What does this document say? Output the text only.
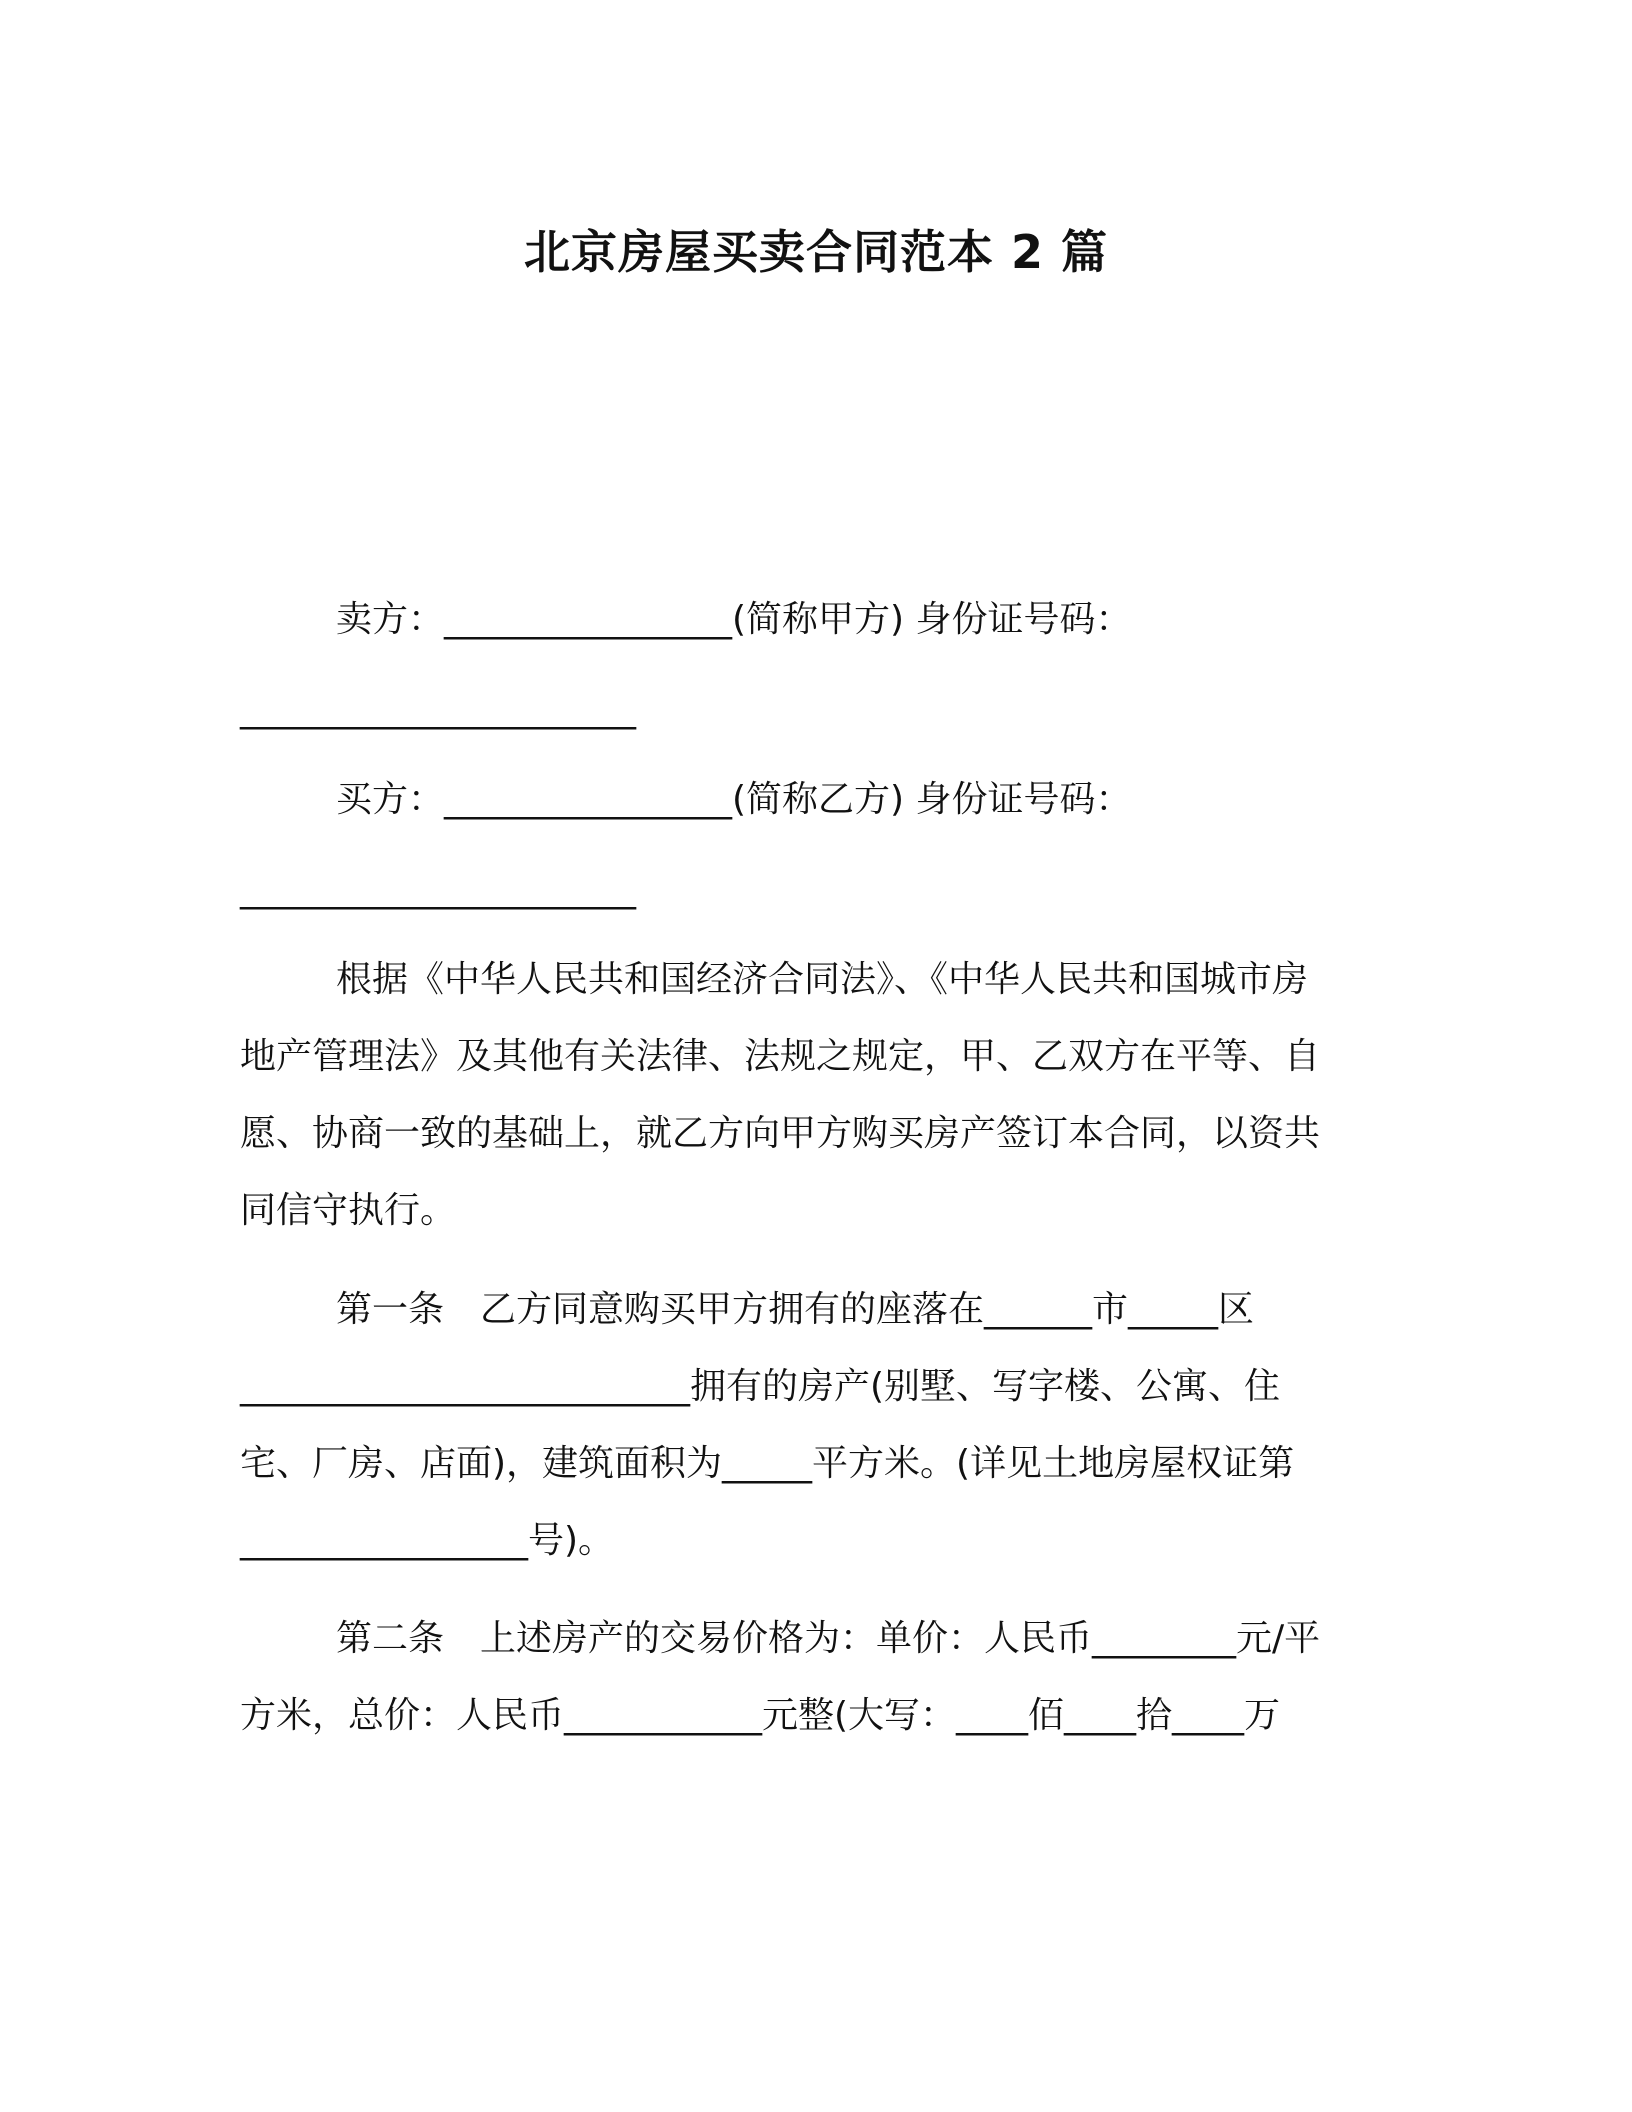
北京房屋买卖合同范本 2 篇
卖方：________________(简称甲方) 身份证号码：
______________________
买方：________________(简称乙方) 身份证号码：
______________________
根据《中华人民共和国经济合同法》、《中华人民共和国城市房
地产管理法》及其他有关法律、法规之规定，甲、乙双方在平等、自
愿、协商一致的基础上，就乙方向甲方购买房产签订本合同，以资共
同信守执行。
第一条　乙方同意购买甲方拥有的座落在______市_____区
_________________________拥有的房产(别墅、写字楼、公寓、住
宅、厂房、店面)，建筑面积为_____平方米。(详见土地房屋权证第
________________号)。
第二条　上述房产的交易价格为：单价：人民币________元/平
方米，总价：人民币___________元整(大写：____佰____拾____万
